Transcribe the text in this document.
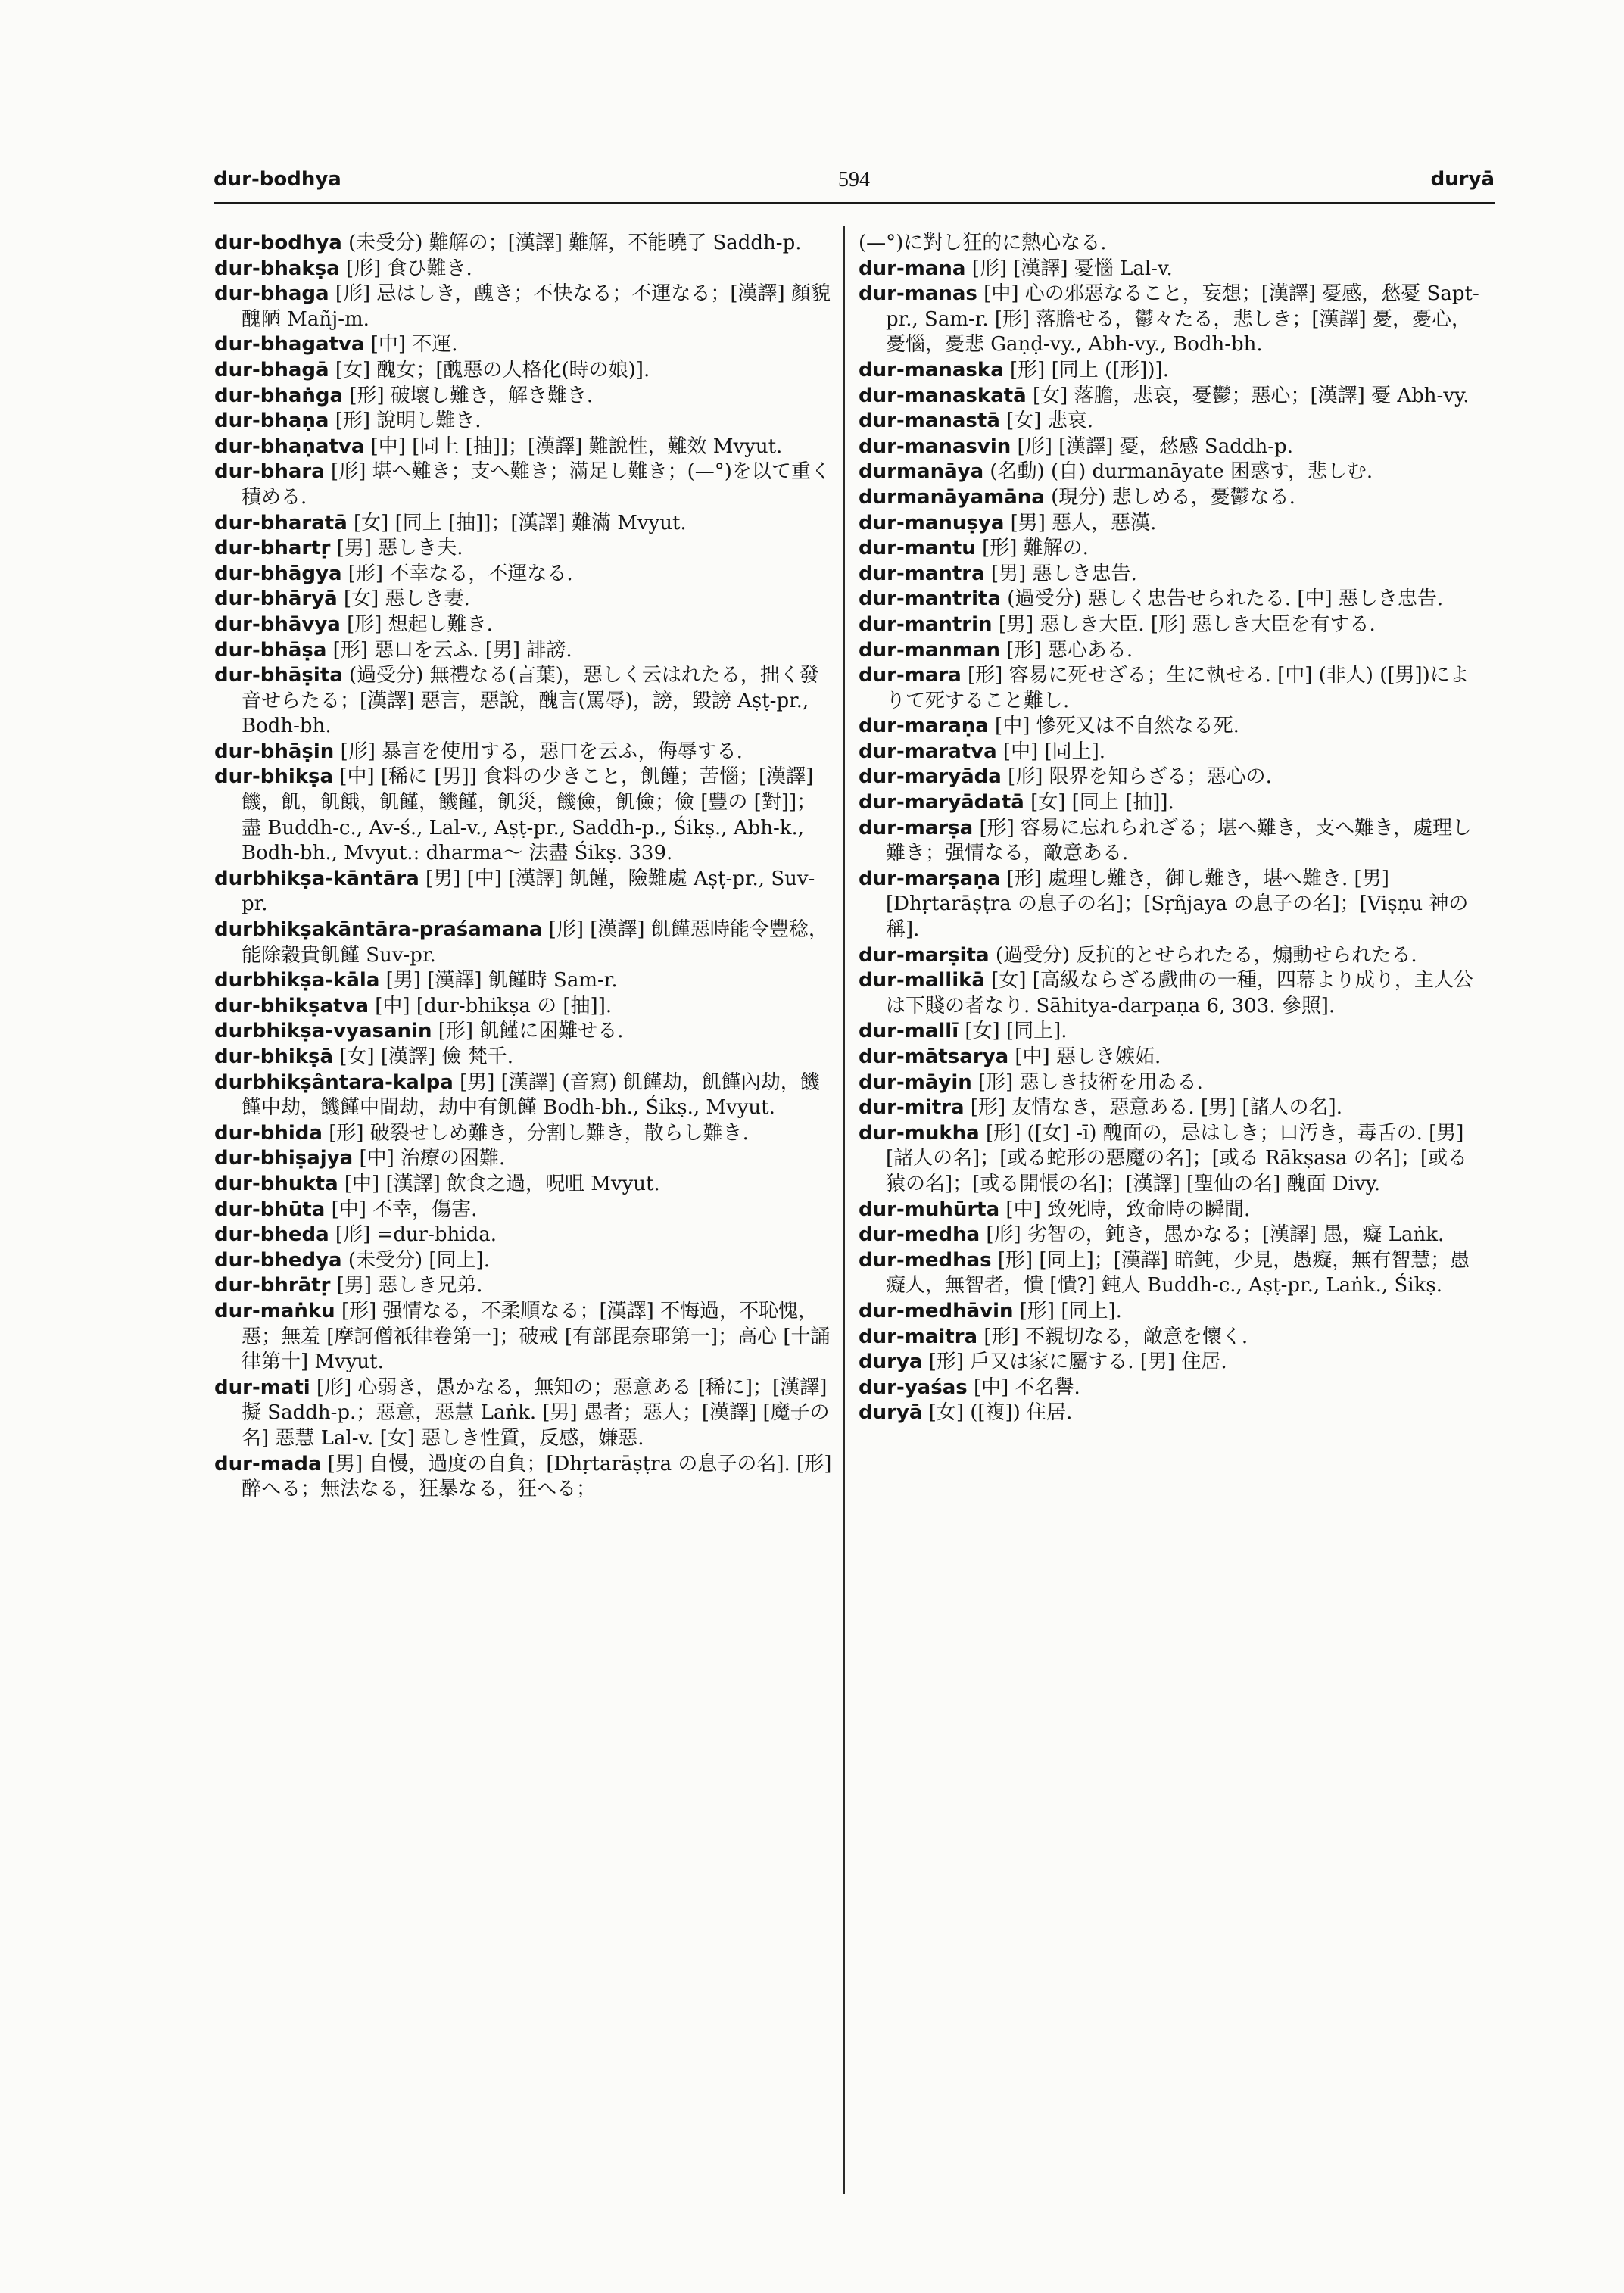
dur-bodhya	594	duryā

dur-bodhya (未受分) 難解の；[漢譯] 難解，不能曉了 Saddh-p.

dur-bhakṣa [形] 食ひ難き.

dur-bhaga [形] 忌はしき，醜き；不快なる；不運なる；[漢譯] 顏貌醜陋 Mañj-m.

dur-bhagatva [中] 不運.

dur-bhagā [女] 醜女；[醜惡の人格化(時の娘)].

dur-bhaṅga [形] 破壞し難き，解き難き.

dur-bhaṇa [形] 說明し難き.

dur-bhaṇatva [中] [同上 [抽]]；[漢譯] 難說性，難效 Mvyut.

dur-bhara [形] 堪へ難き；支へ難き；滿足し難き；(—°)を以て重く積める.

dur-bharatā [女] [同上 [抽]]；[漢譯] 難滿 Mvyut.

dur-bhartṛ [男] 惡しき夫.

dur-bhāgya [形] 不幸なる，不運なる.

dur-bhāryā [女] 惡しき妻.

dur-bhāvya [形] 想起し難き.

dur-bhāṣa [形] 惡口を云ふ. [男] 誹謗.

dur-bhāṣita (過受分) 無禮なる(言葉)，惡しく云はれたる，拙く發音せらたる；[漢譯] 惡言，惡說，醜言(罵辱)，謗，毀謗 Aṣṭ-pr., Bodh-bh.

dur-bhāṣin [形] 暴言を使用する，惡口を云ふ，侮辱する.

dur-bhikṣa [中] [稀に [男]] 食料の少きこと，飢饉；苦惱；[漢譯] 饑，飢，飢餓，飢饉，饑饉，飢災，饑儉，飢儉；儉 [豐の [對]]；盡 Buddh-c., Av-ś., Lal-v., Aṣṭ-pr., Saddh-p., Śikṣ., Abh-k., Bodh-bh., Mvyut.: dharma〜 法盡 Śikṣ. 339.

durbhikṣa-kāntāra [男] [中] [漢譯] 飢饉，險難處 Aṣṭ-pr., Suv-pr.

durbhikṣakāntāra-praśamana [形] [漢譯] 飢饉惡時能令豐稔，能除穀貴飢饉 Suv-pr.

durbhikṣa-kāla [男] [漢譯] 飢饉時 Sam-r.

dur-bhikṣatva [中] [dur-bhikṣa の [抽]].

durbhikṣa-vyasanin [形] 飢饉に困難せる.

dur-bhikṣā [女] [漢譯] 儉 梵千.

durbhikṣântara-kalpa [男] [漢譯] (音寫) 飢饉劫，飢饉內劫，饑饉中劫，饑饉中間劫，劫中有飢饉 Bodh-bh., Śikṣ., Mvyut.

dur-bhida [形] 破裂せしめ難き，分割し難き，散らし難き.

dur-bhiṣajya [中] 治療の困難.

dur-bhukta [中] [漢譯] 飲食之過，呪咀 Mvyut.

dur-bhūta [中] 不幸，傷害.

dur-bheda [形] =dur-bhida.

dur-bhedya (未受分) [同上].

dur-bhrātṛ [男] 惡しき兄弟.

dur-maṅku [形] 强情なる，不柔順なる；[漢譯] 不悔過，不恥愧，惡；無羞 [摩訶僧祇律卷第一]；破戒 [有部毘奈耶第一]；高心 [十誦律第十] Mvyut.

dur-mati [形] 心弱き，愚かなる，無知の；惡意ある [稀に]；[漢譯] 擬 Saddh-p.；惡意，惡慧 Laṅk. [男] 愚者；惡人；[漢譯] [魔子の名] 惡慧 Lal-v. [女] 惡しき性質，反感，嫌惡.

dur-mada [男] 自慢，過度の自負；[Dhṛtarāṣṭra の息子の名]. [形] 醉へる；無法なる，狂暴なる，狂へる；

(—°)に對し狂的に熱心なる.

dur-mana [形] [漢譯] 憂惱 Lal-v.

dur-manas [中] 心の邪惡なること，妄想；[漢譯] 憂感，愁憂 Sapt-pr., Sam-r. [形] 落膽せる，鬱々たる，悲しき；[漢譯] 憂，憂心，憂惱，憂悲 Gaṇḍ-vy., Abh-vy., Bodh-bh.

dur-manaska [形] [同上 ([形])].

dur-manaskatā [女] 落膽，悲哀，憂鬱；惡心；[漢譯] 憂 Abh-vy.

dur-manastā [女] 悲哀.

dur-manasvin [形] [漢譯] 憂，愁感 Saddh-p.

durmanāya (名動) (自) durmanāyate 困惑す，悲しむ.

durmanāyamāna (現分) 悲しめる，憂鬱なる.

dur-manuṣya [男] 惡人，惡漢.

dur-mantu [形] 難解の.

dur-mantra [男] 惡しき忠告.

dur-mantrita (過受分) 惡しく忠告せられたる. [中] 惡しき忠告.

dur-mantrin [男] 惡しき大臣. [形] 惡しき大臣を有する.

dur-manman [形] 惡心ある.

dur-mara [形] 容易に死せざる；生に執せる. [中] (非人) ([男])によりて死すること難し.

dur-maraṇa [中] 慘死又は不自然なる死.

dur-maratva [中] [同上].

dur-maryāda [形] 限界を知らざる；惡心の.

dur-maryādatā [女] [同上 [抽]].

dur-marṣa [形] 容易に忘れられざる；堪へ難き，支へ難き，處理し難き；强情なる，敵意ある.

dur-marṣaṇa [形] 處理し難き，御し難き，堪へ難き. [男] [Dhṛtarāṣṭra の息子の名]；[Sṛñjaya の息子の名]；[Viṣṇu 神の稱].

dur-marṣita (過受分) 反抗的とせられたる，煽動せられたる.

dur-mallikā [女] [高級ならざる戲曲の一種，四幕より成り，主人公は下賤の者なり. Sāhitya-darpaṇa 6, 303. 參照].

dur-mallī [女] [同上].

dur-mātsarya [中] 惡しき嫉妬.

dur-māyin [形] 惡しき技術を用ゐる.

dur-mitra [形] 友情なき，惡意ある. [男] [諸人の名].

dur-mukha [形] ([女] -ī) 醜面の，忌はしき；口汚き，毒舌の. [男] [諸人の名]；[或る蛇形の惡魔の名]；[或る Rākṣasa の名]；[或る猿の名]；[或る開悵の名]；[漢譯] [聖仙の名] 醜面 Divy.

dur-muhūrta [中] 致死時，致命時の瞬間.

dur-medha [形] 劣智の，鈍き，愚かなる；[漢譯] 愚，癡 Laṅk.

dur-medhas [形] [同上]；[漢譯] 暗鈍，少見，愚癡，無有智慧；愚癡人，無智者，憒 [憒?] 鈍人 Buddh-c., Aṣṭ-pr., Laṅk., Śikṣ.

dur-medhāvin [形] [同上].

dur-maitra [形] 不親切なる，敵意を懷く.

durya [形] 戶又は家に屬する. [男] 住居.

dur-yaśas [中] 不名譽.

duryā [女] ([複]) 住居.
